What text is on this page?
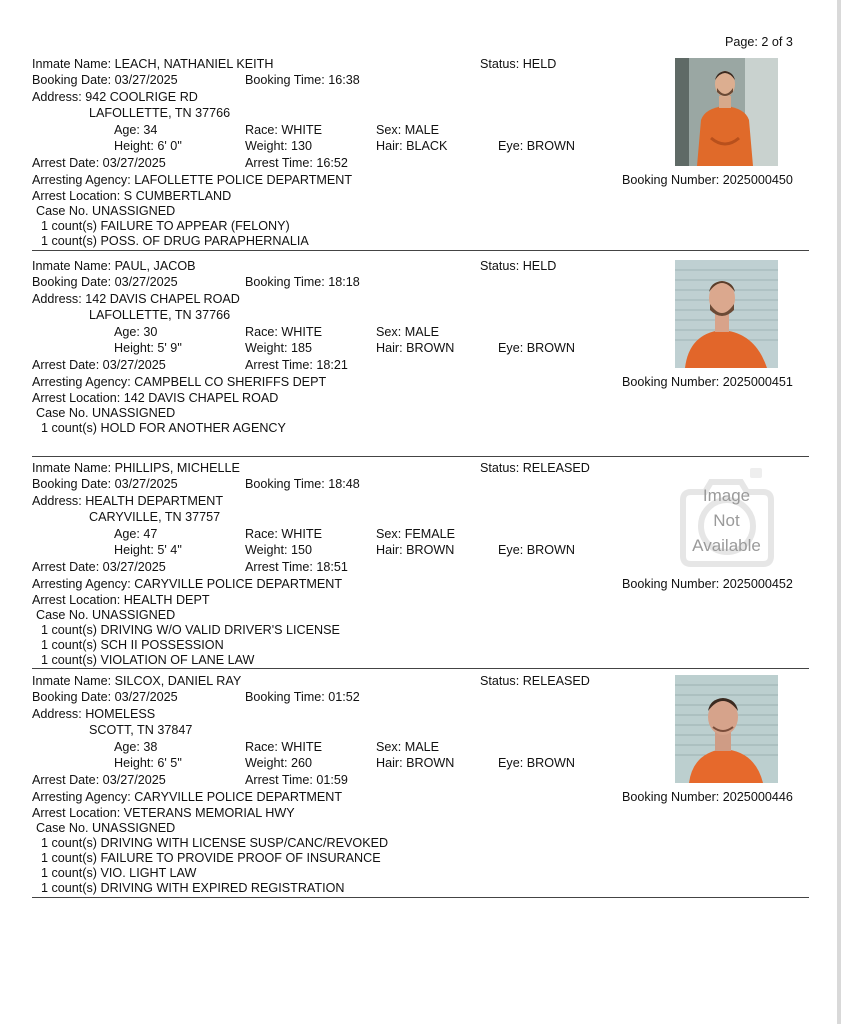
Page: 2 of 3
Inmate Name: LEACH, NATHANIEL KEITH	Status: HELD
Booking Date: 03/27/2025	Booking Time: 16:38
Address: 942 COOLRIGE RD
LAFOLLETTE, TN 37766
Age: 34	Race: WHITE	Sex: MALE
Height: 6' 0"	Weight: 130	Hair: BLACK	Eye: BROWN
Arrest Date: 03/27/2025	Arrest Time: 16:52
Arresting Agency: LAFOLLETTE POLICE DEPARTMENT	Booking Number: 2025000450
Arrest Location: S CUMBERTLAND
Case No. UNASSIGNED
1 count(s) FAILURE TO APPEAR (FELONY)
1 count(s) POSS. OF DRUG PARAPHERNALIA
Inmate Name: PAUL, JACOB	Status: HELD
Booking Date: 03/27/2025	Booking Time: 18:18
Address: 142 DAVIS CHAPEL ROAD
LAFOLLETTE, TN 37766
Age: 30	Race: WHITE	Sex: MALE
Height: 5' 9"	Weight: 185	Hair: BROWN	Eye: BROWN
Arrest Date: 03/27/2025	Arrest Time: 18:21
Arresting Agency: CAMPBELL CO SHERIFFS DEPT	Booking Number: 2025000451
Arrest Location: 142 DAVIS CHAPEL ROAD
Case No. UNASSIGNED
1 count(s) HOLD FOR ANOTHER AGENCY
Inmate Name: PHILLIPS, MICHELLE	Status: RELEASED
Booking Date: 03/27/2025	Booking Time: 18:48
Address: HEALTH DEPARTMENT
CARYVILLE, TN 37757
Age: 47	Race: WHITE	Sex: FEMALE
Height: 5' 4"	Weight: 150	Hair: BROWN	Eye: BROWN
Arrest Date: 03/27/2025	Arrest Time: 18:51
Arresting Agency: CARYVILLE POLICE DEPARTMENT	Booking Number: 2025000452
Arrest Location: HEALTH DEPT
Case No. UNASSIGNED
1 count(s) DRIVING W/O VALID DRIVER'S LICENSE
1 count(s) SCH II POSSESSION
1 count(s) VIOLATION OF LANE LAW
Image
Not
Available
Inmate Name: SILCOX, DANIEL RAY	Status: RELEASED
Booking Date: 03/27/2025	Booking Time: 01:52
Address: HOMELESS
SCOTT, TN 37847
Age: 38	Race: WHITE	Sex: MALE
Height: 6' 5"	Weight: 260	Hair: BROWN	Eye: BROWN
Arrest Date: 03/27/2025	Arrest Time: 01:59
Arresting Agency: CARYVILLE POLICE DEPARTMENT	Booking Number: 2025000446
Arrest Location: VETERANS MEMORIAL HWY
Case No. UNASSIGNED
1 count(s) DRIVING WITH LICENSE SUSP/CANC/REVOKED
1 count(s) FAILURE TO PROVIDE PROOF OF INSURANCE
1 count(s) VIO. LIGHT LAW
1 count(s) DRIVING WITH EXPIRED REGISTRATION
